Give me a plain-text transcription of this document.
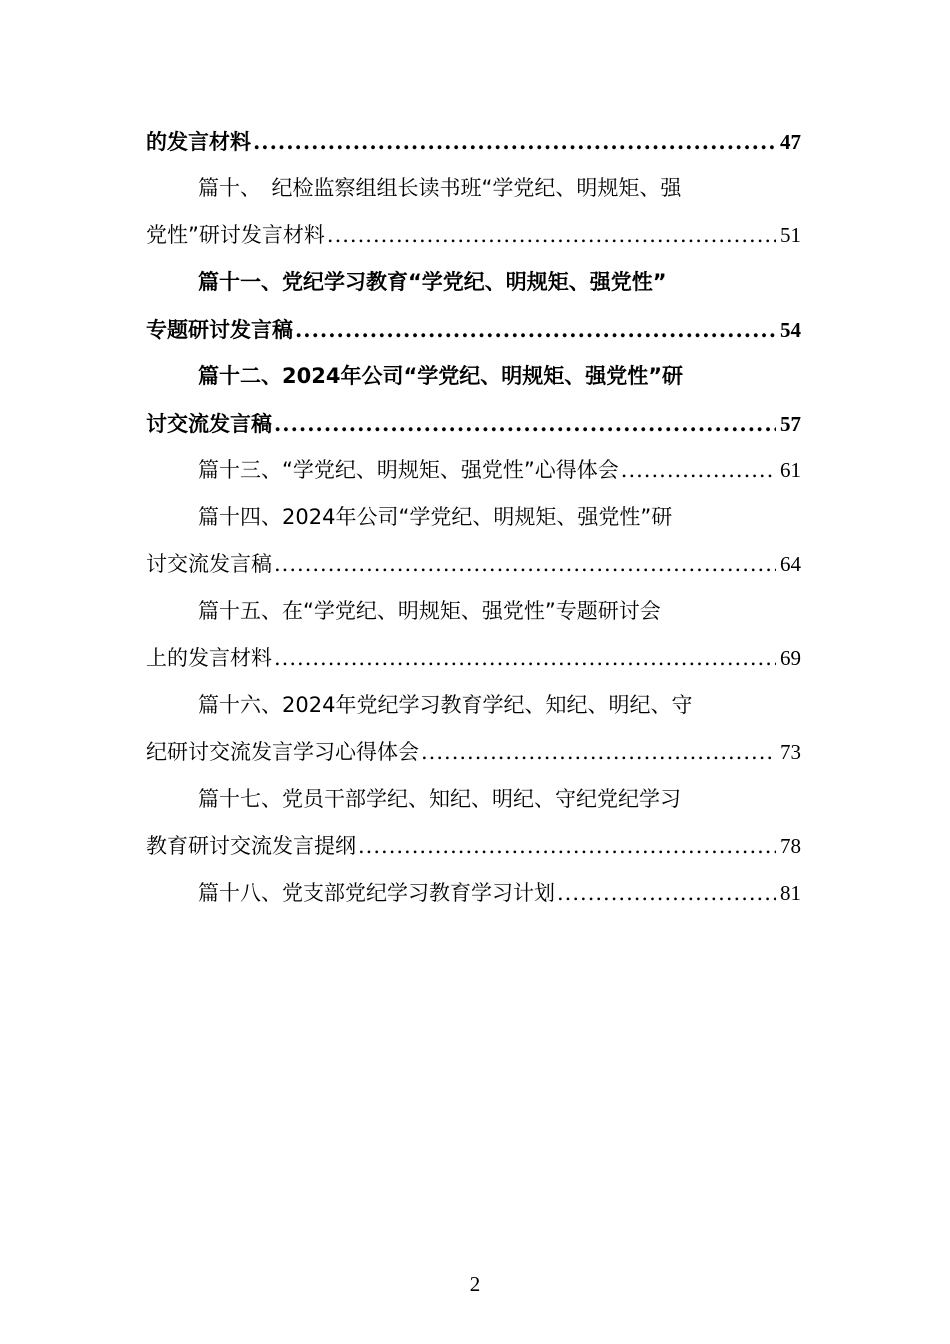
的发言材料 .....	47
篇十、　纪检监察组组长读书班“学党纪、明规矩、强
党性”研讨发言材料 .....	51
篇十一、党纪学习教育“学党纪、明规矩、强党性”
专题研讨发言稿 .....	54
篇十二、2024年公司“学党纪、明规矩、强党性”研
讨交流发言稿 .....	57
篇十三、“学党纪、明规矩、强党性”心得体会 .....	61
篇十四、2024年公司“学党纪、明规矩、强党性”研
讨交流发言稿 .....	64
篇十五、在“学党纪、明规矩、强党性”专题研讨会
上的发言材料 .....	69
篇十六、2024年党纪学习教育学纪、知纪、明纪、守
纪研讨交流发言学习心得体会 .....	73
篇十七、党员干部学纪、知纪、明纪、守纪党纪学习
教育研讨交流发言提纲 .....	78
篇十八、党支部党纪学习教育学习计划 .....	81
2
